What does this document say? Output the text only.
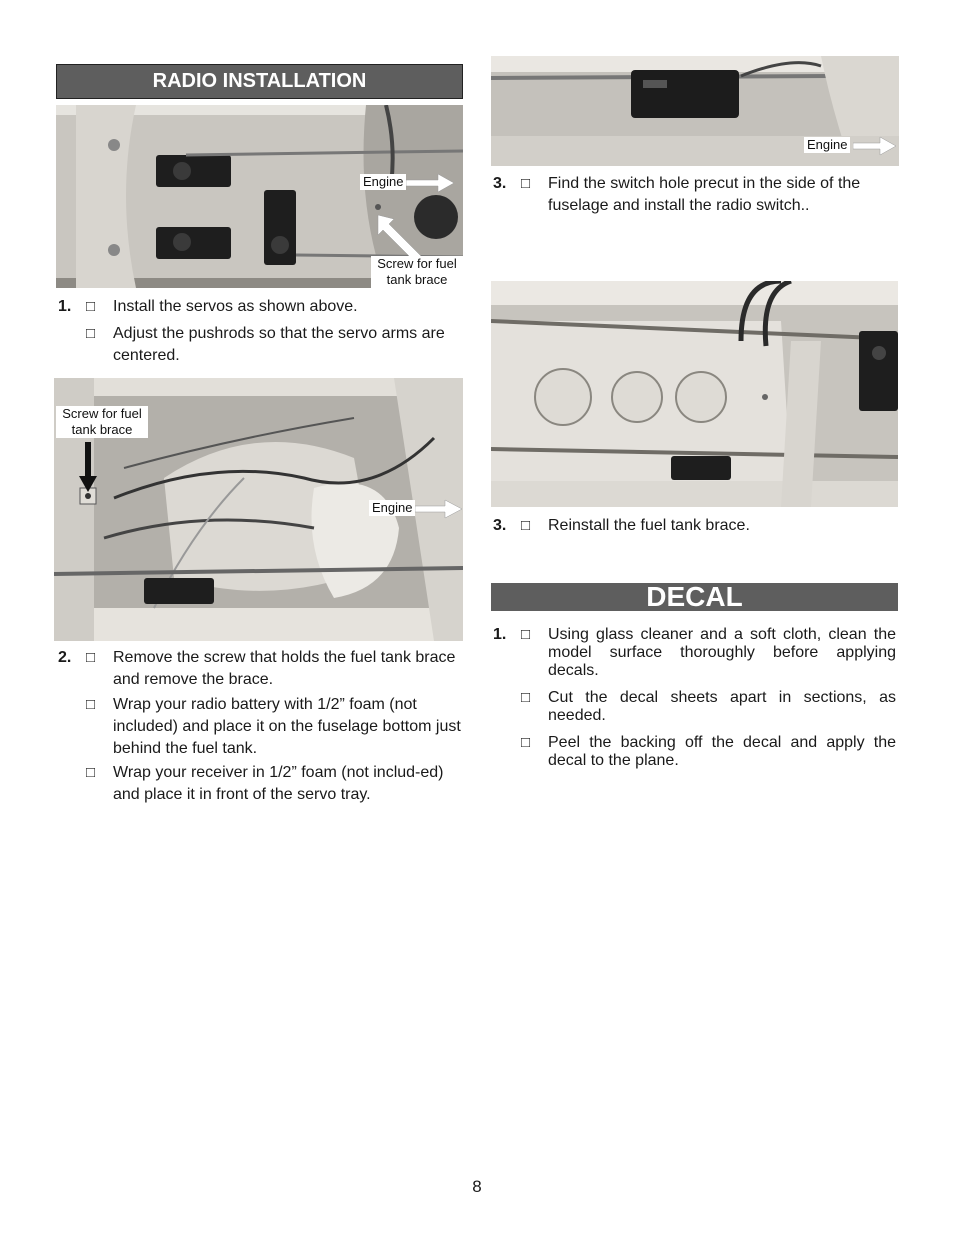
RADIO INSTALLATION
Engine
Screw for fuel tank brace
1. □ Install the servos as shown above.
□ Adjust the pushrods so that the servo arms are centered.
Screw for fuel tank brace
Engine
2. □ Remove the screw that holds the fuel tank brace and remove the brace.
□ Wrap your radio battery with 1/2” foam (not included) and place it on the fuselage bottom just behind the fuel tank.
□ Wrap your receiver in 1/2” foam (not includ-ed) and place it in front of the servo tray.
Engine
3. □ Find the switch hole precut in the side of the fuselage and install the radio switch..
3. □ Reinstall the fuel tank brace.
DECAL
1. □ Using glass cleaner and a soft cloth, clean the model surface thoroughly before applying decals.
□ Cut the decal sheets apart in sections, as needed.
□ Peel the backing off the decal and apply the decal to the plane.
8
